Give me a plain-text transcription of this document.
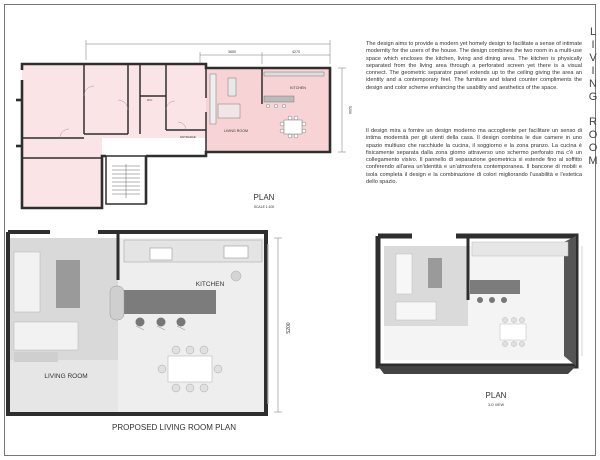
3650	4270
5200
KITCHEN
LIVING ROOM
W.C.
ENTRANCE
PLAN
SCALE 1:100
5200
KITCHEN
LIVING ROOM
PROPOSED LIVING ROOM PLAN
PLAN
3-D VIEW
L
I
V
I
N
G
R
O
O
M

The design aims to provide a modern yet homely design to facilitate a sense of intimate modernity for the users of the house. The design combines the two room in a multi-use space which encloses the kitchen, living and dining area. The kitchen is physically separated from the living area through a perforated screen yet there is a visual connect. The geometric separator panel extends up to the ceiling giving the area an identity and a contemporary feel. The furniture and island counter compliments the design and color scheme enhancing the usability and aesthetics of the space.

Il design mira a fornire un design moderno ma accogliente per facilitare un senso di intima modernità per gli utenti della casa. Il design combina le due camere in uno spazio multiuso che racchiude la cucina, il soggiorno e la zona pranzo. La cucina è fisicamente separata dalla zona giorno attraverso uno schermo perforato ma c'è un collegamento visivo. Il pannello di separazione geometrica si estende fino al soffitto conferendo all'area un'identità e un'atmosfera contemporanea. Il bancone di mobili e isola completa il design e la combinazione di colori migliorando l'usabilità e l'estetica dello spazio.
